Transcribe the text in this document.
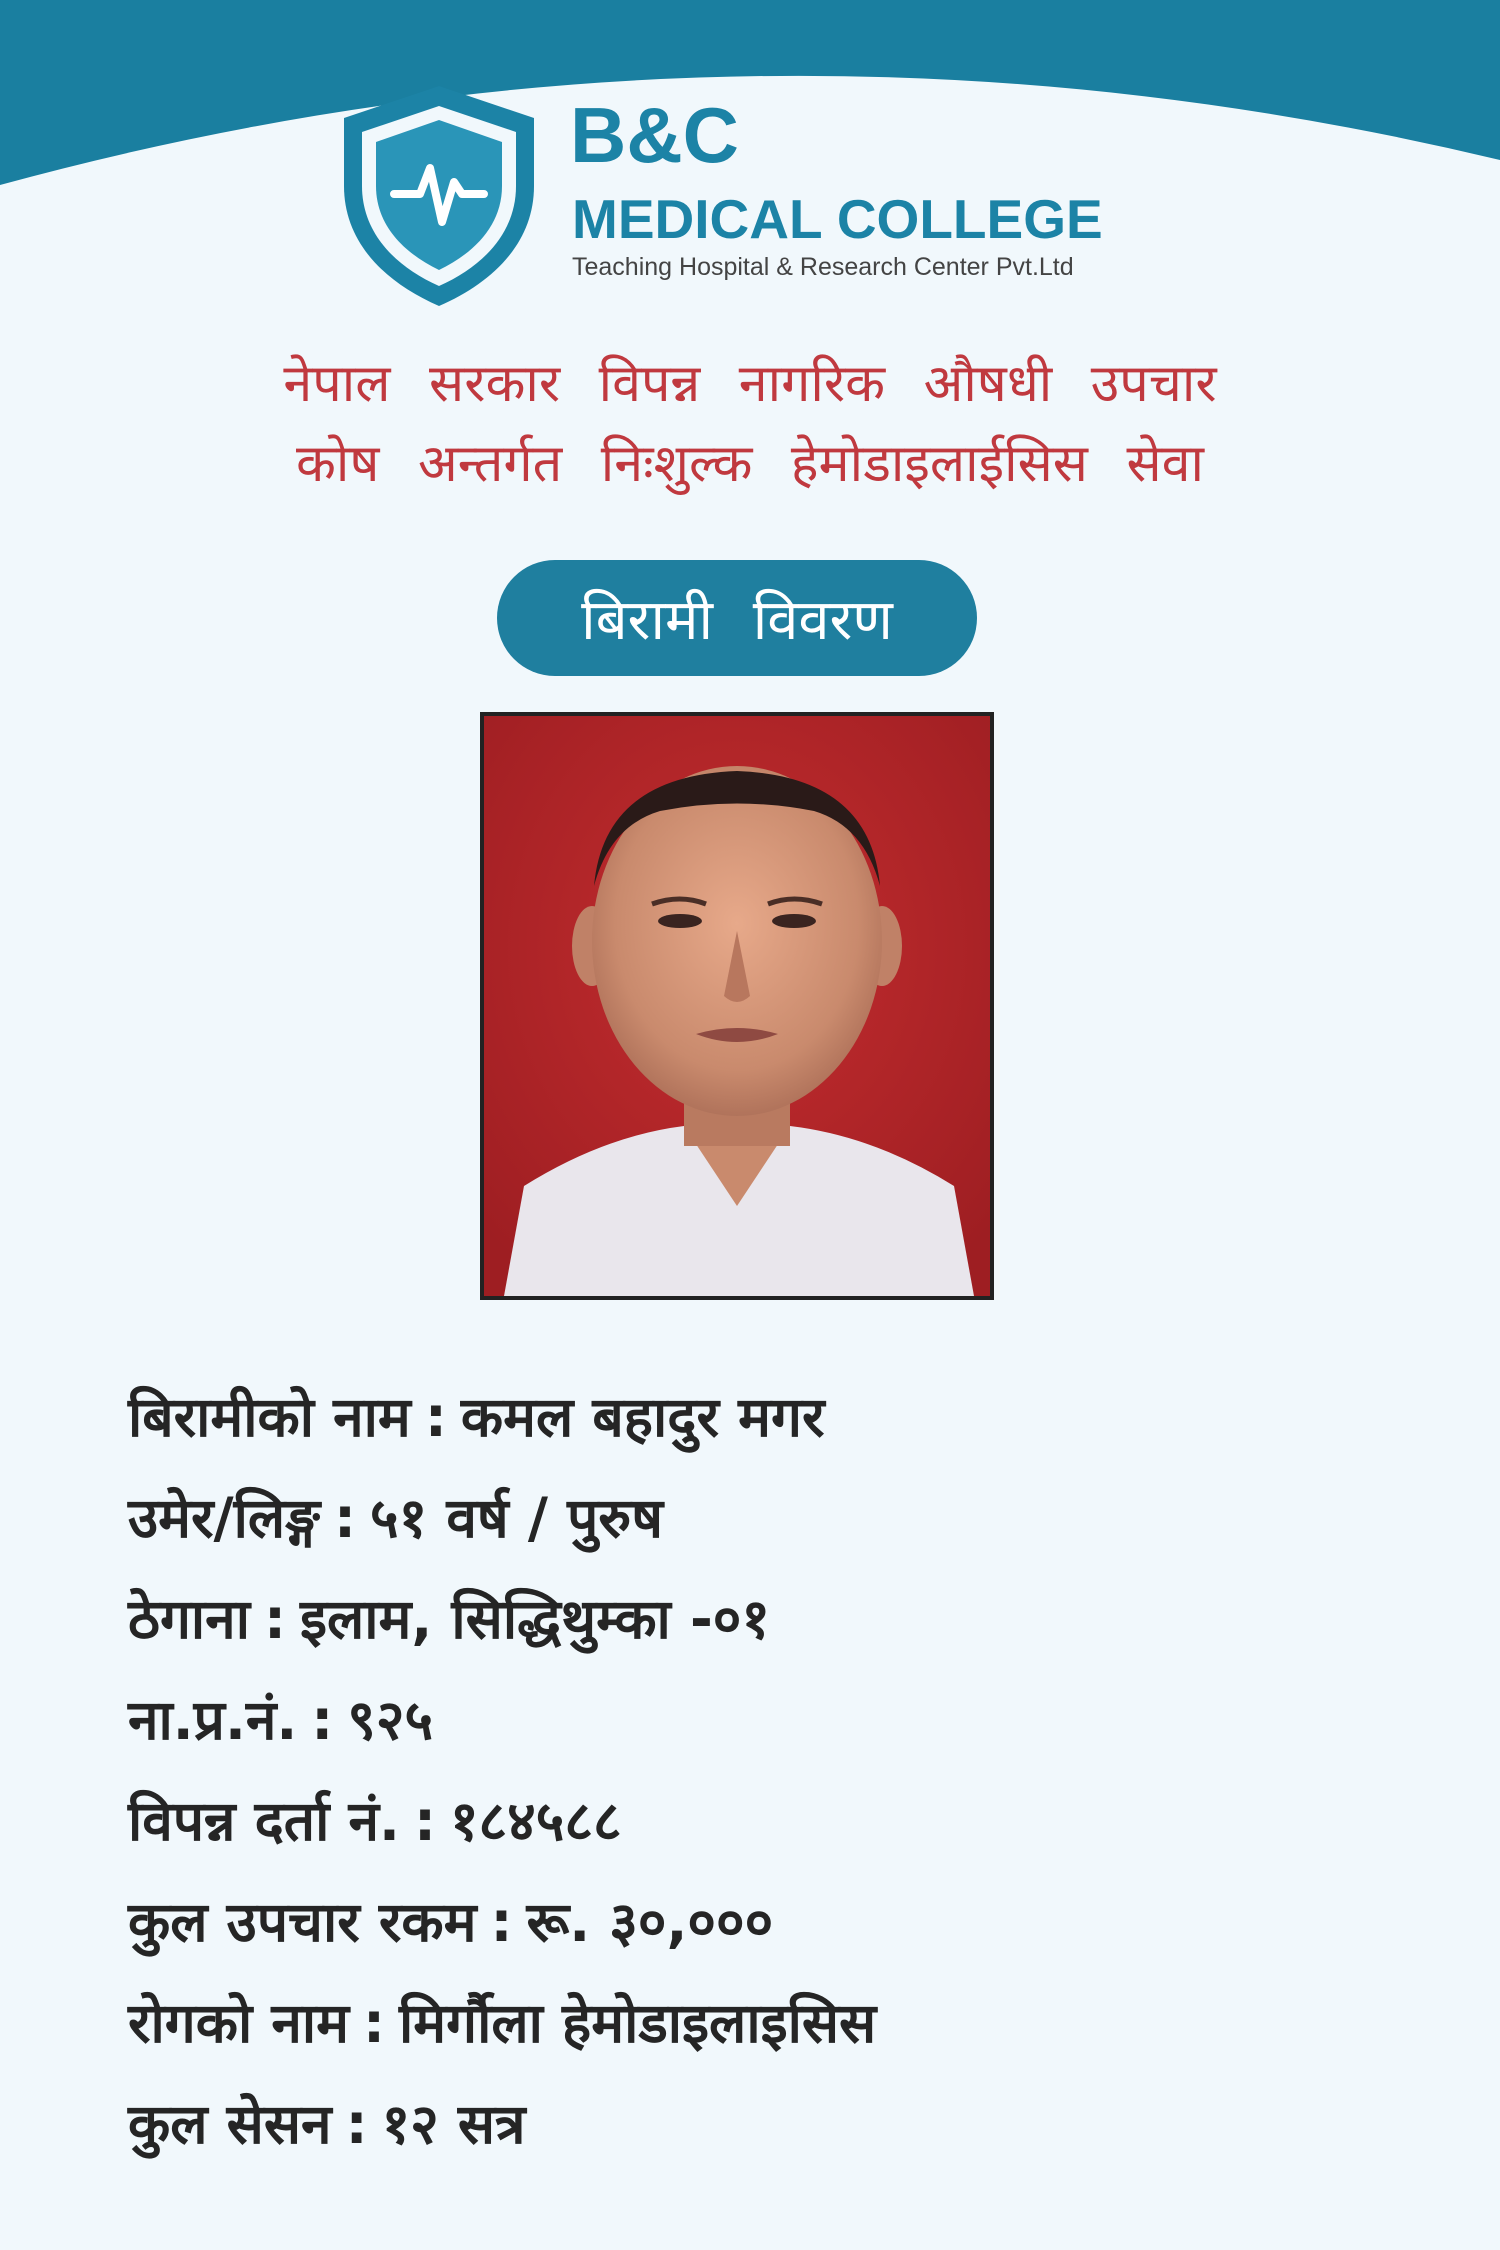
B&C
MEDICAL COLLEGE
Teaching Hospital & Research Center Pvt.Ltd
नेपाल सरकार विपन्न नागरिक औषधी उपचार
कोष अन्तर्गत निःशुल्क हेमोडाइलाईसिस सेवा
बिरामी विवरण
बिरामीको नाम : कमल बहादुर मगर
उमेर/लिङ्ग : ५१ वर्ष / पुरुष
ठेगाना : इलाम, सिद्धिथुम्का -०१
ना.प्र.नं. : ९२५
विपन्न दर्ता नं. : १८४५८८
कुल उपचार रकम : रू. ३०,०००
रोगको नाम : मिर्गौला हेमोडाइलाइसिस
कुल सेसन : १२ सत्र
